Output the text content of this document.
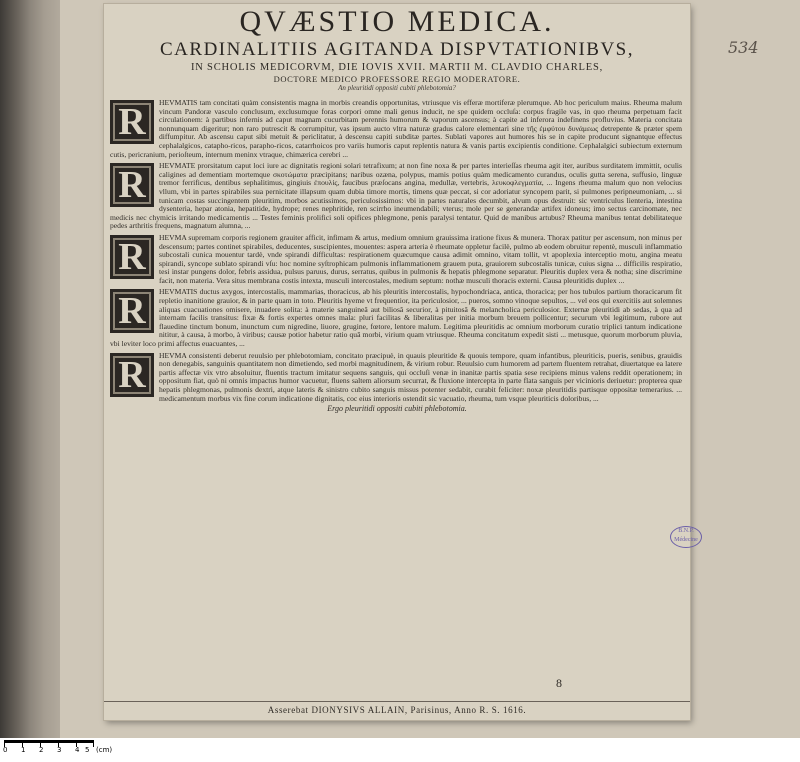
QVÆSTIO MEDICA.
CARDINALITIIS AGITANDA DISPVTATIONIBVS,
IN SCHOLIS MEDICORVM, DIE IOVIS XVII. MARTII M. CLAVDIO CHARLES,
DOCTORE MEDICO PROFESSORE REGIO MODERATORE.
An pleuritidi oppositi cubiti phlebotomia?
R	HEVMATIS tam concitati quàm consistentis magna in morbis creandis opportunitas, vtriusque vis efferæ mortiferæ plerumque. Ab hoc periculum maius. Rheuma malum vincum Pandoræ vasculo conclusum, exclusumque foras corpori omne mali genus inducit, ne spe quidem occluſa: corpus fragile vas, in quo rheuma perpetuam facit circulationem: à partibus infernis ad caput magnam cucurbitam perennis humorum & vaporum ascensus; à capite ad inferora indefinens profluvius. Materia concitata nonnunquam digeritur; non raro putrescit & corrumpitur, vas ipsum aucto vltra naturæ gradus calore elementari sine τῆς ἐμφύτου δυνάμεως detrepente & præter spem diffumpitur. Ab ascensu caput sibi metuit & periclitatur, à descensu capiti subditæ partes. Sublati vapores aut humores his se in capite producunt signantque effectus cephalalgicos, catapho-ricos, parapho-ricos, catarrhoicos pro variis humoris caput replentis natura & vanis partis excipientis conditione. Cephalalgici subiectum externum cutis, pericranium, perioſteum, internum meninx vtraque, chimærica cerebri ...
R	HEVMATE prorsitatum caput loci iure ac dignitatis regioni solari tetrafixum; at non fine noxa & per partes interieſſas rheuma agit iter, auribus surditatem immittit, oculis caligines ad dementiam mortemque σκοτώματα præcipitans; naribus ozæna, polypus, mamis potius quàm medicamento curandus, oculis gutta serena, suffusio, linguæ tremor ferrificus, dentibus sephalitimus, gingiuis ἐπουλίς, faucibus præſocans angina, medullæ, vertebris, λευκοφλεγματία, ... Ingens rheuma malum quo non velocius vllum, vbi in partes spirabiles sua pernicitate illapsum quam dubia timore mortis, timens quæ peccat, si cor adoriatur syncopem parit, si pulmones peripneumoniam, ... si tunicam costas succingentem pleuritim, morbos acutissimos, periculosissimos: vbi in partes naturales decumbit, alvum opus destruit: sic ventriculus lienteria, intestina dysenteria, hepar atonia, hepatitide, hydrope; renes nephritide, ren scirrho ineumendabili; vterus; mole per se generandæ artifex idoneus; imo sectus carcinomate, nec medicis nec chymicis irritando medicamentis ... Testes feminis prolifici soli opifices phlegmone, penis paralysi tentatur. Quid de manibus artubus? Rheuma manibus tentat debilitateque pedes arthritis frequens, magnatum alumna, ...
R	HEVMA supremam corporis regionem grauiter afficit, infimam & artus, medium omnium grauissima iratione fixus & munera. Thorax patitur per ascensum, non minus per descensum; partes continet spirabiles, deducentes, suscipientes, mouentes: aspera arteria è rheumate oppletur facilè, pulmo ab eodem obruitur repentè, musculi inflammatio subcostali cunica mouentur tardè, vnde spirandi difficultas: respirationem quæcumque causa adimit omnino, vitam tollit, vt apoplexia interceptio motu, angina meatu spirandi, syncope sublato spirandi vſu: hoc nomine syſtrophicam pulmonis inflammationem grauem puta, grauiorem subcostalis tunicæ, cuius signa ... difficilis respiratio, tesi instar pungens dolor, febris assidua, pulsus paruus, durus, serratus, quibus in pulmonis & hepatis phlegmone separatur. Pleuritis duplex vera & notha; sine discrimine facit, non materia. Vera situs membrana costis intexta, musculi intercostales, medium septum: nothæ musculi thoracis externi. Causa pleuritidis duplex ...
R	HEVMATIS ductus axygos, intercostalis, mammarias, thoracicus, ab his pleuritis intercostalis, hypochondriaca, antica, thoracica; per hos tubulos partium thoracicarum fit repletio inanitione grauior, & in parte quam in toto. Pleuritis hyeme vt frequentior, ita periculosior, ... pueros, somno vinoque sepultos, ... vel eos qui exercitiis aut solemnes aliquas cuacuationes omisere, inuadere solita: à materie sanguineâ aut biliosâ securior, à pituitosâ & melancholica periculosior. Externæ pleuritidi ab sedas, à qua ad internam facilis transitus: fixæ & fortis expertes omnes mala: pluri facilitas & liberalitas per initia morbum breuem pollicentur; securum vbi legitimum, rubore aut flauedine tinctum bonum, inunctum cum nigredine, liuore, grugine, fœtore, lentore malum. Legitima pleuritidis ac omnium morborum curatio triplici tantum indicatione nititur, à causa, à morbo, à viribus; causæ potior habetur ratio quā morbi, virium quam vtriusque. Rheuma concitatum expedit sisti ... metusque, quorum morborum pluvia, vbi leviter loco primi affectus euacuantes, ...
R	HEVMA consistenti deberut reuulsio per phlebotomiam, concitato præcipuè, in quauis pleuritide & quouis tempore, quam infantibus, pleuriticis, pueris, senibus, grauidis non denegabis, sanguinis quantitatem non dimetiendo, sed morbi magnitudinem, & virium robur. Reuulsio cum humorem ad partem fluentem retrahat, diuertatque ea latere partis affectæ vix vtro absoluitur, fluentis tractum imitatur sequens sanguis, qui occluſi venæ in inanitæ partis spatia sese recipiens minus valens reddit operationem; in oppositum fiat, quò ni omnis impactus humor vacuetur, fluens saltem aliorsum securrat, & fluxione intercepta in parte flata sanguis per vicinioris deriuetur: propterea quæ hepatis phlegmonas, pulmonis dextri, atque lateris & sinistro cubito sanguis missus potenter sedabit, curabit feliciter: noxæ pleuritidis partisque oppositæ temerarius. ... medicamentum morbus vix fine corum indicatione dignitatis, coc eius interioris ostendit sic vacuatio, rheuma, tum vsque pleuriticis doloribus, ...
Ergo pleuritidi oppositi cubiti phlebotomia.
Asserebat DIONYSIVS ALLAIN, Parisinus, Anno R. S. 1616.
534
B.N.P. Médecine
8
0 1 2 3 4 5 (cm)
